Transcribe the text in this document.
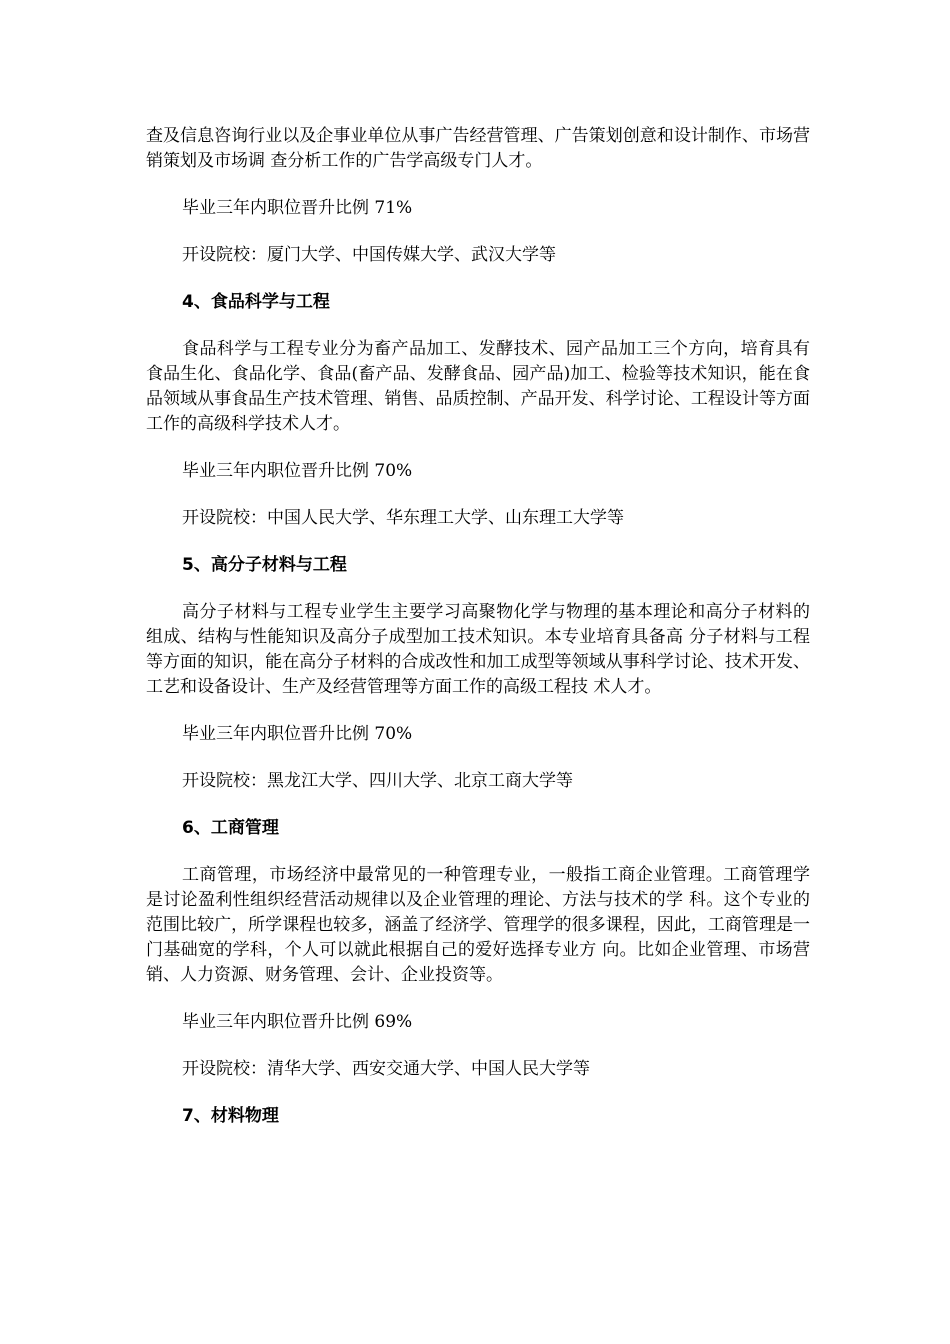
查及信息咨询行业以及企事业单位从事广告经营管理、广告策划创意和设计制作、市场营销策划及市场调 查分析工作的广告学高级专门人才。

毕业三年内职位晋升比例 71%

开设院校：厦门大学、中国传媒大学、武汉大学等

4、食品科学与工程

食品科学与工程专业分为畜产品加工、发酵技术、园产品加工三个方向，培育具有食品生化、食品化学、食品(畜产品、发酵食品、园产品)加工、检验等技术知识，能在食品领域从事食品生产技术管理、销售、品质控制、产品开发、科学讨论、工程设计等方面工作的高级科学技术人才。

毕业三年内职位晋升比例 70%

开设院校：中国人民大学、华东理工大学、山东理工大学等

5、高分子材料与工程

高分子材料与工程专业学生主要学习高聚物化学与物理的基本理论和高分子材料的组成、结构与性能知识及高分子成型加工技术知识。本专业培育具备高 分子材料与工程等方面的知识，能在高分子材料的合成改性和加工成型等领域从事科学讨论、技术开发、工艺和设备设计、生产及经营管理等方面工作的高级工程技 术人才。

毕业三年内职位晋升比例 70%

开设院校：黑龙江大学、四川大学、北京工商大学等

6、工商管理

工商管理，市场经济中最常见的一种管理专业，一般指工商企业管理。工商管理学是讨论盈利性组织经营活动规律以及企业管理的理论、方法与技术的学 科。这个专业的范围比较广，所学课程也较多，涵盖了经济学、管理学的很多课程，因此，工商管理是一门基础宽的学科，个人可以就此根据自己的爱好选择专业方 向。比如企业管理、市场营销、人力资源、财务管理、会计、企业投资等。

毕业三年内职位晋升比例 69%

开设院校：清华大学、西安交通大学、中国人民大学等

7、材料物理
